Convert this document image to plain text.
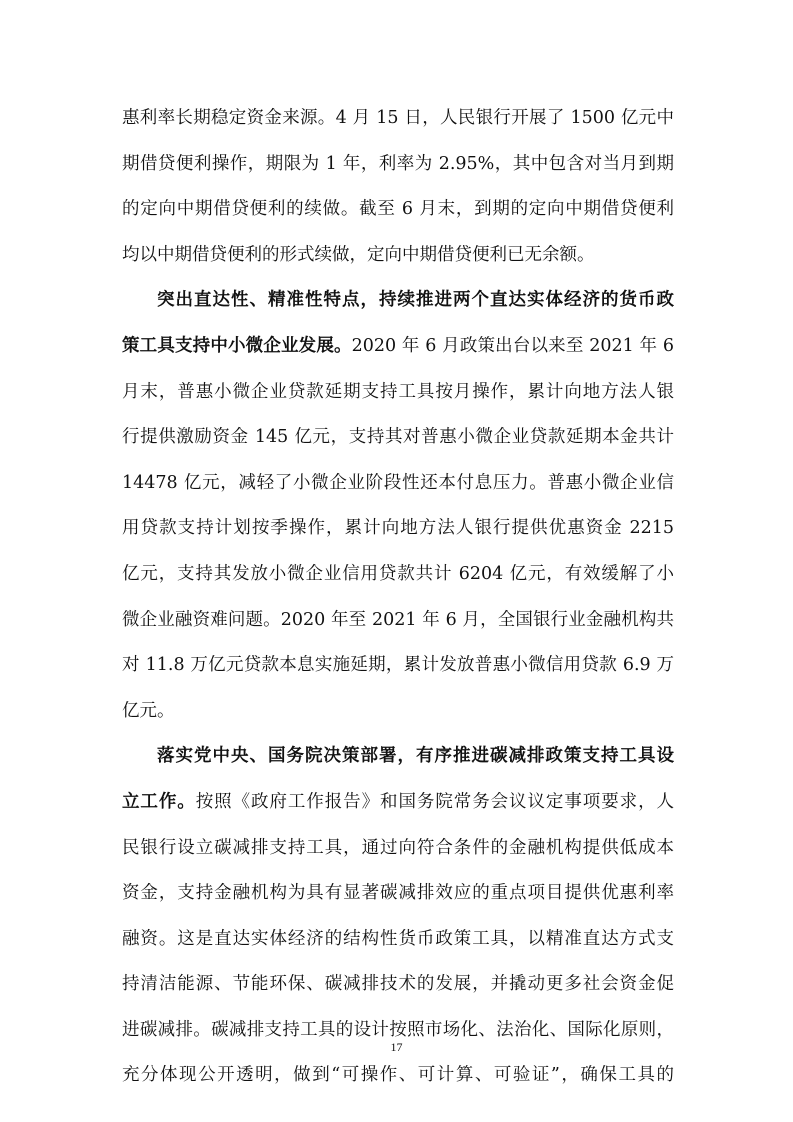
惠利率长期稳定资金来源。4 月 15 日，人民银行开展了 1500 亿元中
期借贷便利操作，期限为 1 年，利率为 2.95%，其中包含对当月到期
的定向中期借贷便利的续做。截至 6 月末，到期的定向中期借贷便利
均以中期借贷便利的形式续做，定向中期借贷便利已无余额。
突出直达性、精准性特点，持续推进两个直达实体经济的货币政
策工具支持中小微企业发展。2020 年 6 月政策出台以来至 2021 年 6
月末，普惠小微企业贷款延期支持工具按月操作，累计向地方法人银
行提供激励资金 145 亿元，支持其对普惠小微企业贷款延期本金共计
14478 亿元，减轻了小微企业阶段性还本付息压力。普惠小微企业信
用贷款支持计划按季操作，累计向地方法人银行提供优惠资金 2215
亿元，支持其发放小微企业信用贷款共计 6204 亿元，有效缓解了小
微企业融资难问题。2020 年至 2021 年 6 月，全国银行业金融机构共
对 11.8 万亿元贷款本息实施延期，累计发放普惠小微信用贷款 6.9 万
亿元。
落实党中央、国务院决策部署，有序推进碳减排政策支持工具设
立工作。按照《政府工作报告》和国务院常务会议议定事项要求，人
民银行设立碳减排支持工具，通过向符合条件的金融机构提供低成本
资金，支持金融机构为具有显著碳减排效应的重点项目提供优惠利率
融资。这是直达实体经济的结构性货币政策工具，以精准直达方式支
持清洁能源、节能环保、碳减排技术的发展，并撬动更多社会资金促
进碳减排。碳减排支持工具的设计按照市场化、法治化、国际化原则，
充分体现公开透明，做到“可操作、可计算、可验证”，确保工具的
17
